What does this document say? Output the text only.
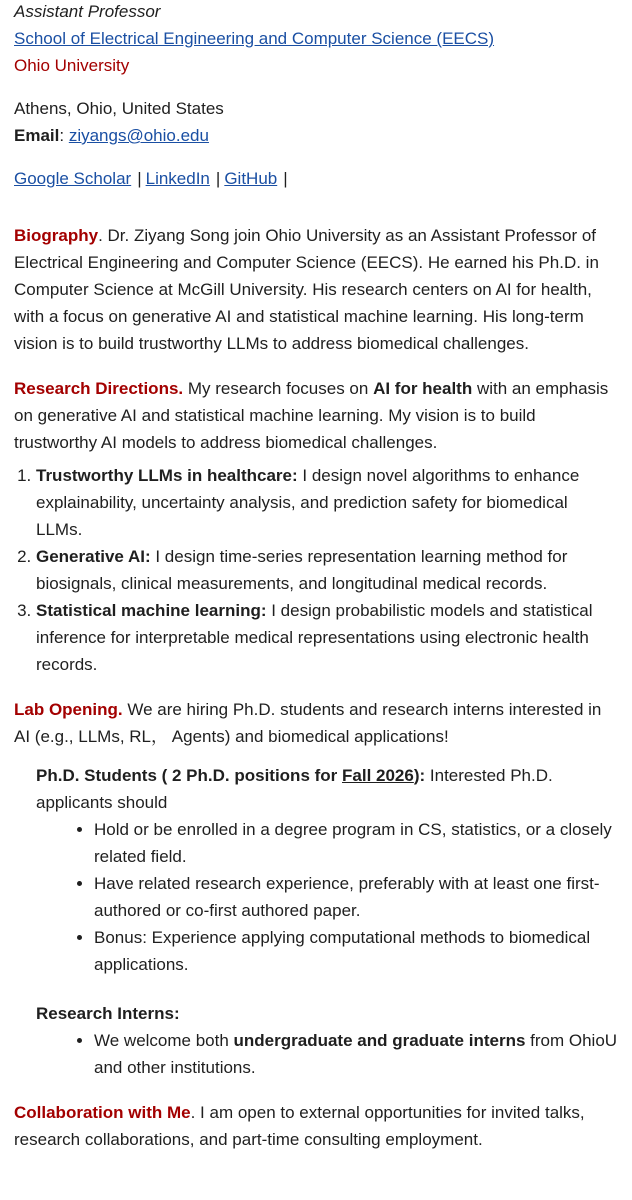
Assistant Professor
School of Electrical Engineering and Computer Science (EECS)
Ohio University
Athens, Ohio, United States
Email: ziyangs@ohio.edu
Google Scholar | LinkedIn | GitHub |

Biography. Dr. Ziyang Song join Ohio University as an Assistant Professor of Electrical Engineering and Computer Science (EECS). He earned his Ph.D. in Computer Science at McGill University. His research centers on AI for health, with a focus on generative AI and statistical machine learning. His long-term vision is to build trustworthy LLMs to address biomedical challenges.

Research Directions. My research focuses on AI for health with an emphasis on generative AI and statistical machine learning. My vision is to build trustworthy AI models to address biomedical challenges.

1. Trustworthy LLMs in healthcare: I design novel algorithms to enhance explainability, uncertainty analysis, and prediction safety for biomedical LLMs.
2. Generative AI: I design time-series representation learning method for biosignals, clinical measurements, and longitudinal medical records.
3. Statistical machine learning: I design probabilistic models and statistical inference for interpretable medical representations using electronic health records.

Lab Opening. We are hiring Ph.D. students and research interns interested in AI (e.g., LLMs, RL， Agents) and biomedical applications!

Ph.D. Students ( 2 Ph.D. positions for Fall 2026): Interested Ph.D. applicants should

• Hold or be enrolled in a degree program in CS, statistics, or a closely related field.
• Have related research experience, preferably with at least one first-authored or co-first authored paper.
• Bonus: Experience applying computational methods to biomedical applications.

Research Interns:

• We welcome both undergraduate and graduate interns from OhioU and other institutions.

Collaboration with Me. I am open to external opportunities for invited talks, research collaborations, and part-time consulting employment.
